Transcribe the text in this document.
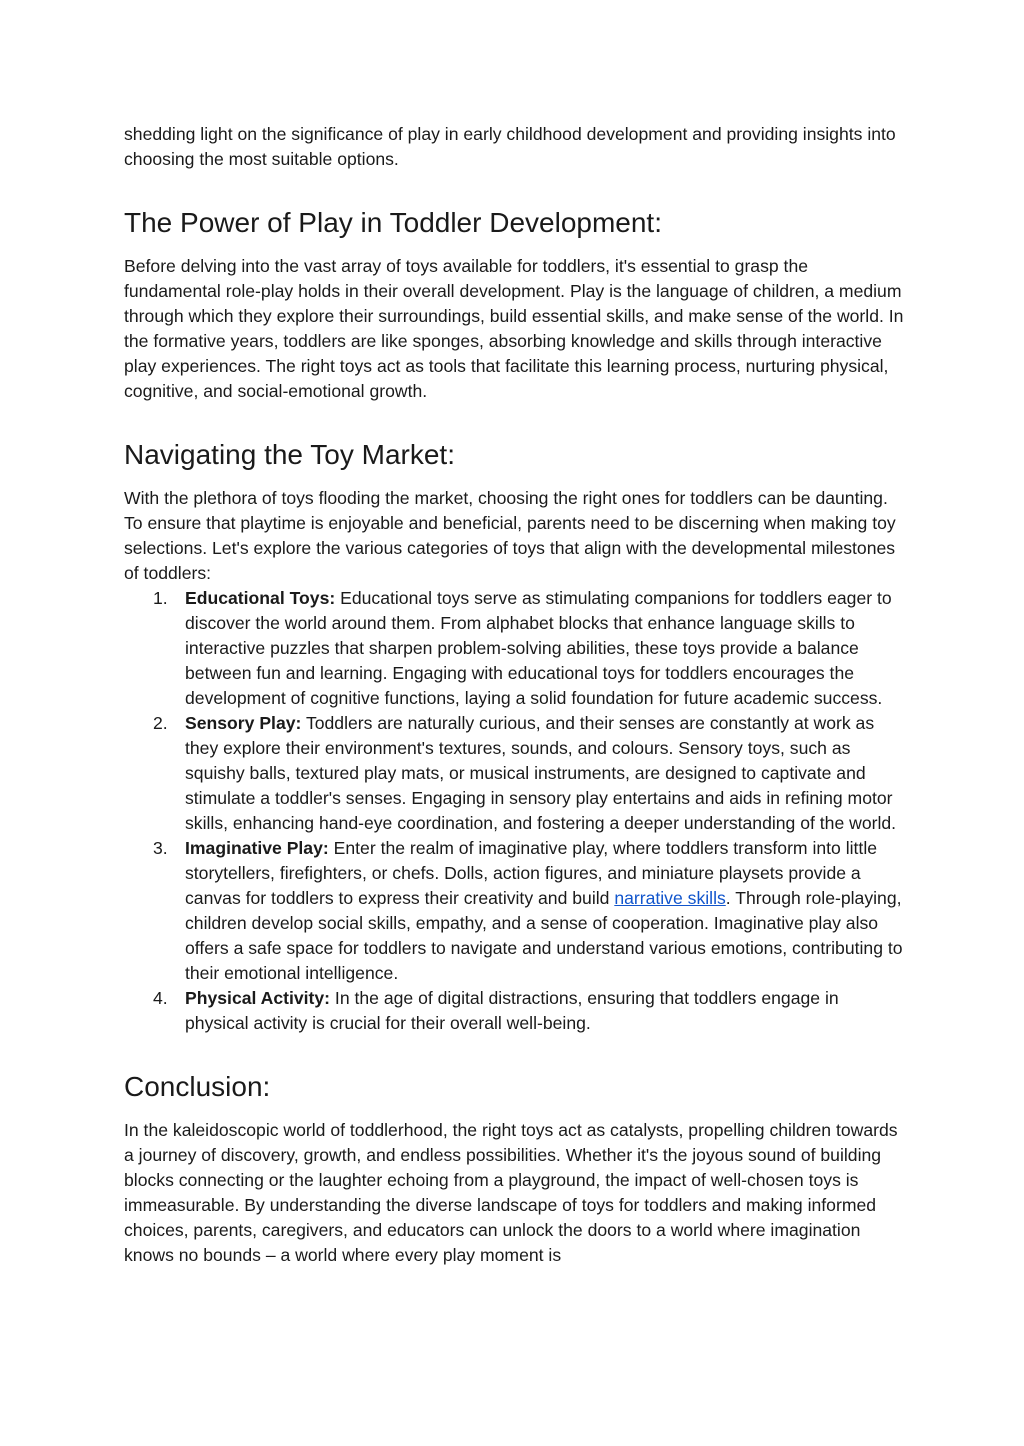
shedding light on the significance of play in early childhood development and providing insights into choosing the most suitable options.

The Power of Play in Toddler Development:

Before delving into the vast array of toys available for toddlers, it's essential to grasp the fundamental role-play holds in their overall development. Play is the language of children, a medium through which they explore their surroundings, build essential skills, and make sense of the world. In the formative years, toddlers are like sponges, absorbing knowledge and skills through interactive play experiences. The right toys act as tools that facilitate this learning process, nurturing physical, cognitive, and social-emotional growth.

Navigating the Toy Market:

With the plethora of toys flooding the market, choosing the right ones for toddlers can be daunting. To ensure that playtime is enjoyable and beneficial, parents need to be discerning when making toy selections. Let's explore the various categories of toys that align with the developmental milestones of toddlers:

1. Educational Toys: Educational toys serve as stimulating companions for toddlers eager to discover the world around them. From alphabet blocks that enhance language skills to interactive puzzles that sharpen problem-solving abilities, these toys provide a balance between fun and learning. Engaging with educational toys for toddlers encourages the development of cognitive functions, laying a solid foundation for future academic success.
2. Sensory Play: Toddlers are naturally curious, and their senses are constantly at work as they explore their environment's textures, sounds, and colours. Sensory toys, such as squishy balls, textured play mats, or musical instruments, are designed to captivate and stimulate a toddler's senses. Engaging in sensory play entertains and aids in refining motor skills, enhancing hand-eye coordination, and fostering a deeper understanding of the world.
3. Imaginative Play: Enter the realm of imaginative play, where toddlers transform into little storytellers, firefighters, or chefs. Dolls, action figures, and miniature playsets provide a canvas for toddlers to express their creativity and build narrative skills. Through role-playing, children develop social skills, empathy, and a sense of cooperation. Imaginative play also offers a safe space for toddlers to navigate and understand various emotions, contributing to their emotional intelligence.
4. Physical Activity: In the age of digital distractions, ensuring that toddlers engage in physical activity is crucial for their overall well-being.
Conclusion:

In the kaleidoscopic world of toddlerhood, the right toys act as catalysts, propelling children towards a journey of discovery, growth, and endless possibilities. Whether it's the joyous sound of building blocks connecting or the laughter echoing from a playground, the impact of well-chosen toys is immeasurable. By understanding the diverse landscape of toys for toddlers and making informed choices, parents, caregivers, and educators can unlock the doors to a world where imagination knows no bounds – a world where every play moment is
